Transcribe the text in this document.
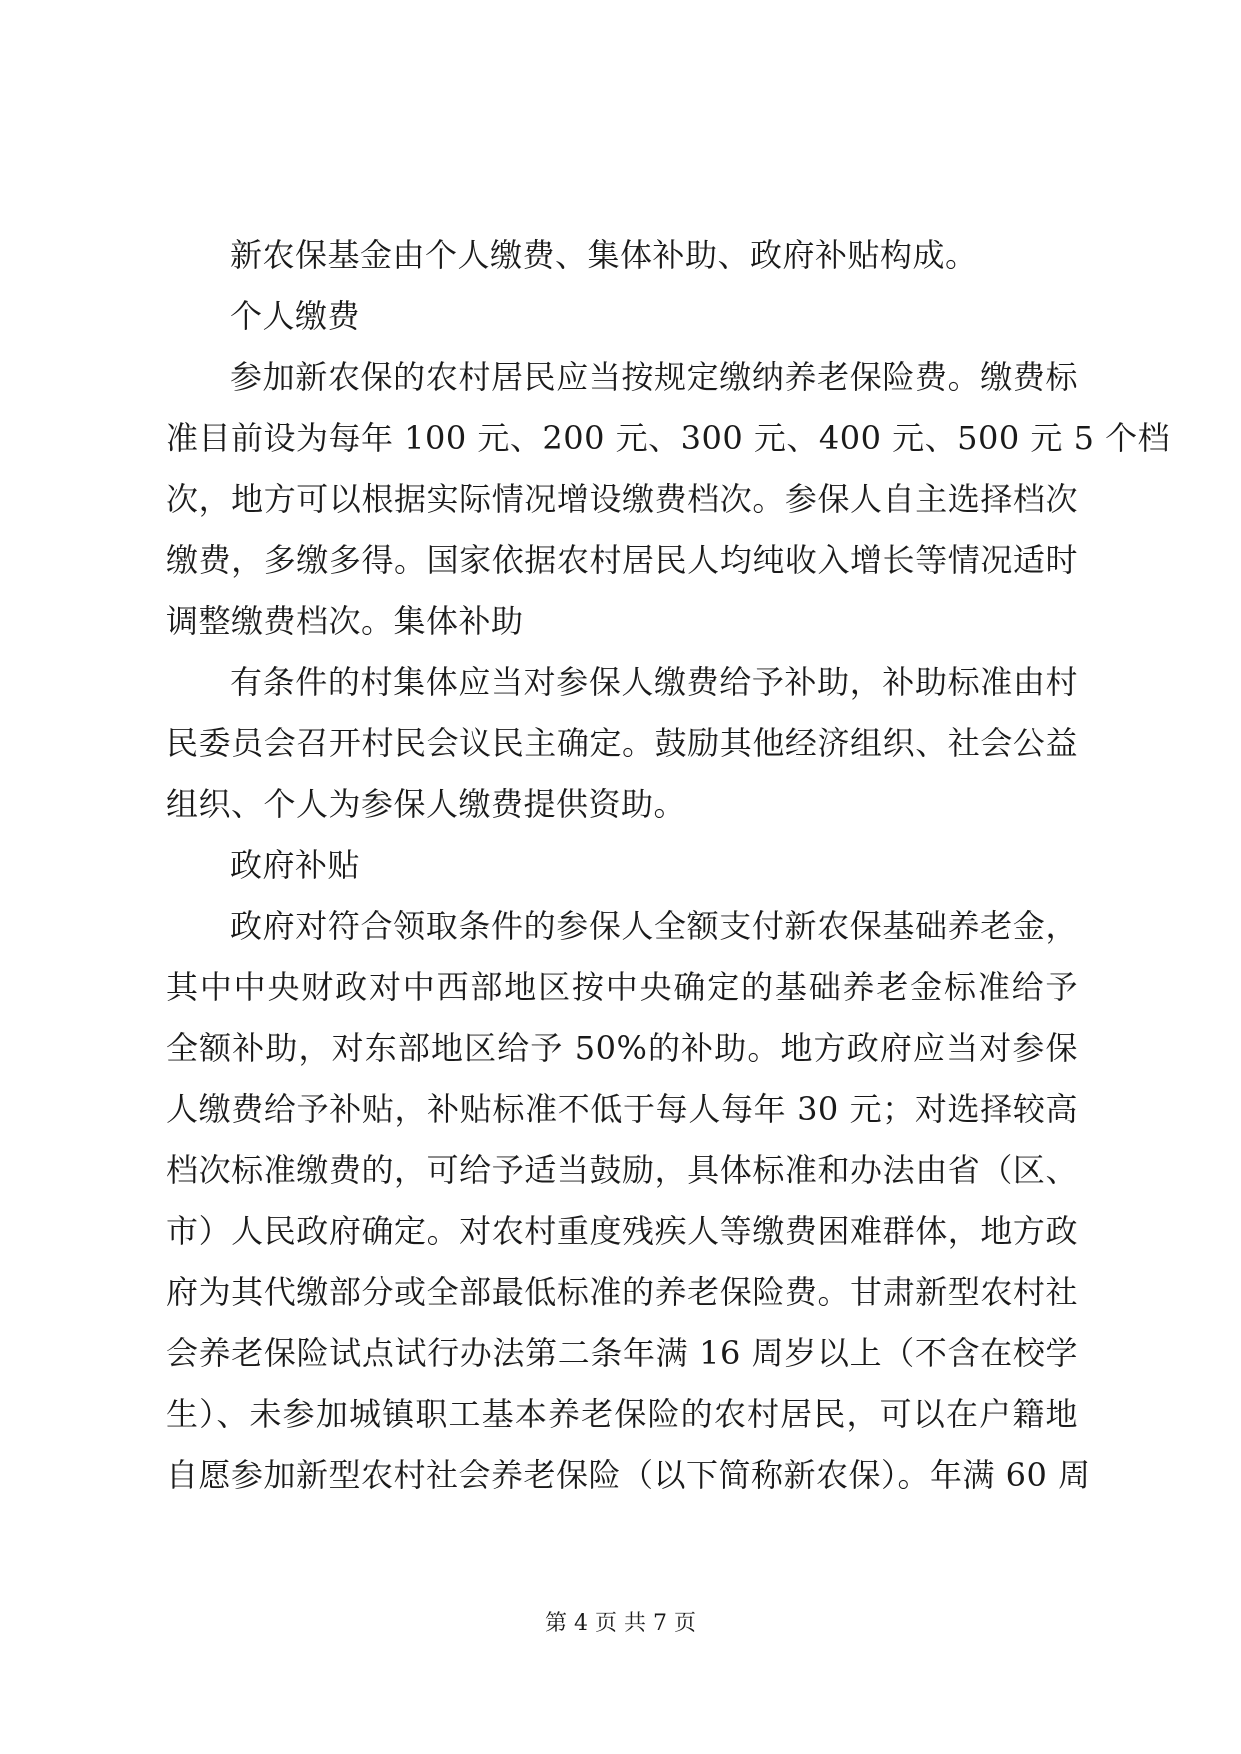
新农保基金由个人缴费、集体补助、政府补贴构成。
个人缴费
参加新农保的农村居民应当按规定缴纳养老保险费。缴费标
准目前设为每年 100 元、200 元、300 元、400 元、500 元 5 个档
次，地方可以根据实际情况增设缴费档次。参保人自主选择档次
缴费，多缴多得。国家依据农村居民人均纯收入增长等情况适时
调整缴费档次。集体补助
有条件的村集体应当对参保人缴费给予补助，补助标准由村
民委员会召开村民会议民主确定。鼓励其他经济组织、社会公益
组织、个人为参保人缴费提供资助。
政府补贴
政府对符合领取条件的参保人全额支付新农保基础养老金，
其中中央财政对中西部地区按中央确定的基础养老金标准给予
全额补助，对东部地区给予 50%的补助。地方政府应当对参保
人缴费给予补贴，补贴标准不低于每人每年 30 元；对选择较高
档次标准缴费的，可给予适当鼓励，具体标准和办法由省（区、
市）人民政府确定。对农村重度残疾人等缴费困难群体，地方政
府为其代缴部分或全部最低标准的养老保险费。甘肃新型农村社
会养老保险试点试行办法第二条年满 16 周岁以上（不含在校学
生）、未参加城镇职工基本养老保险的农村居民，可以在户籍地
自愿参加新型农村社会养老保险（以下简称新农保）。年满 60 周
第 4 页 共 7 页
